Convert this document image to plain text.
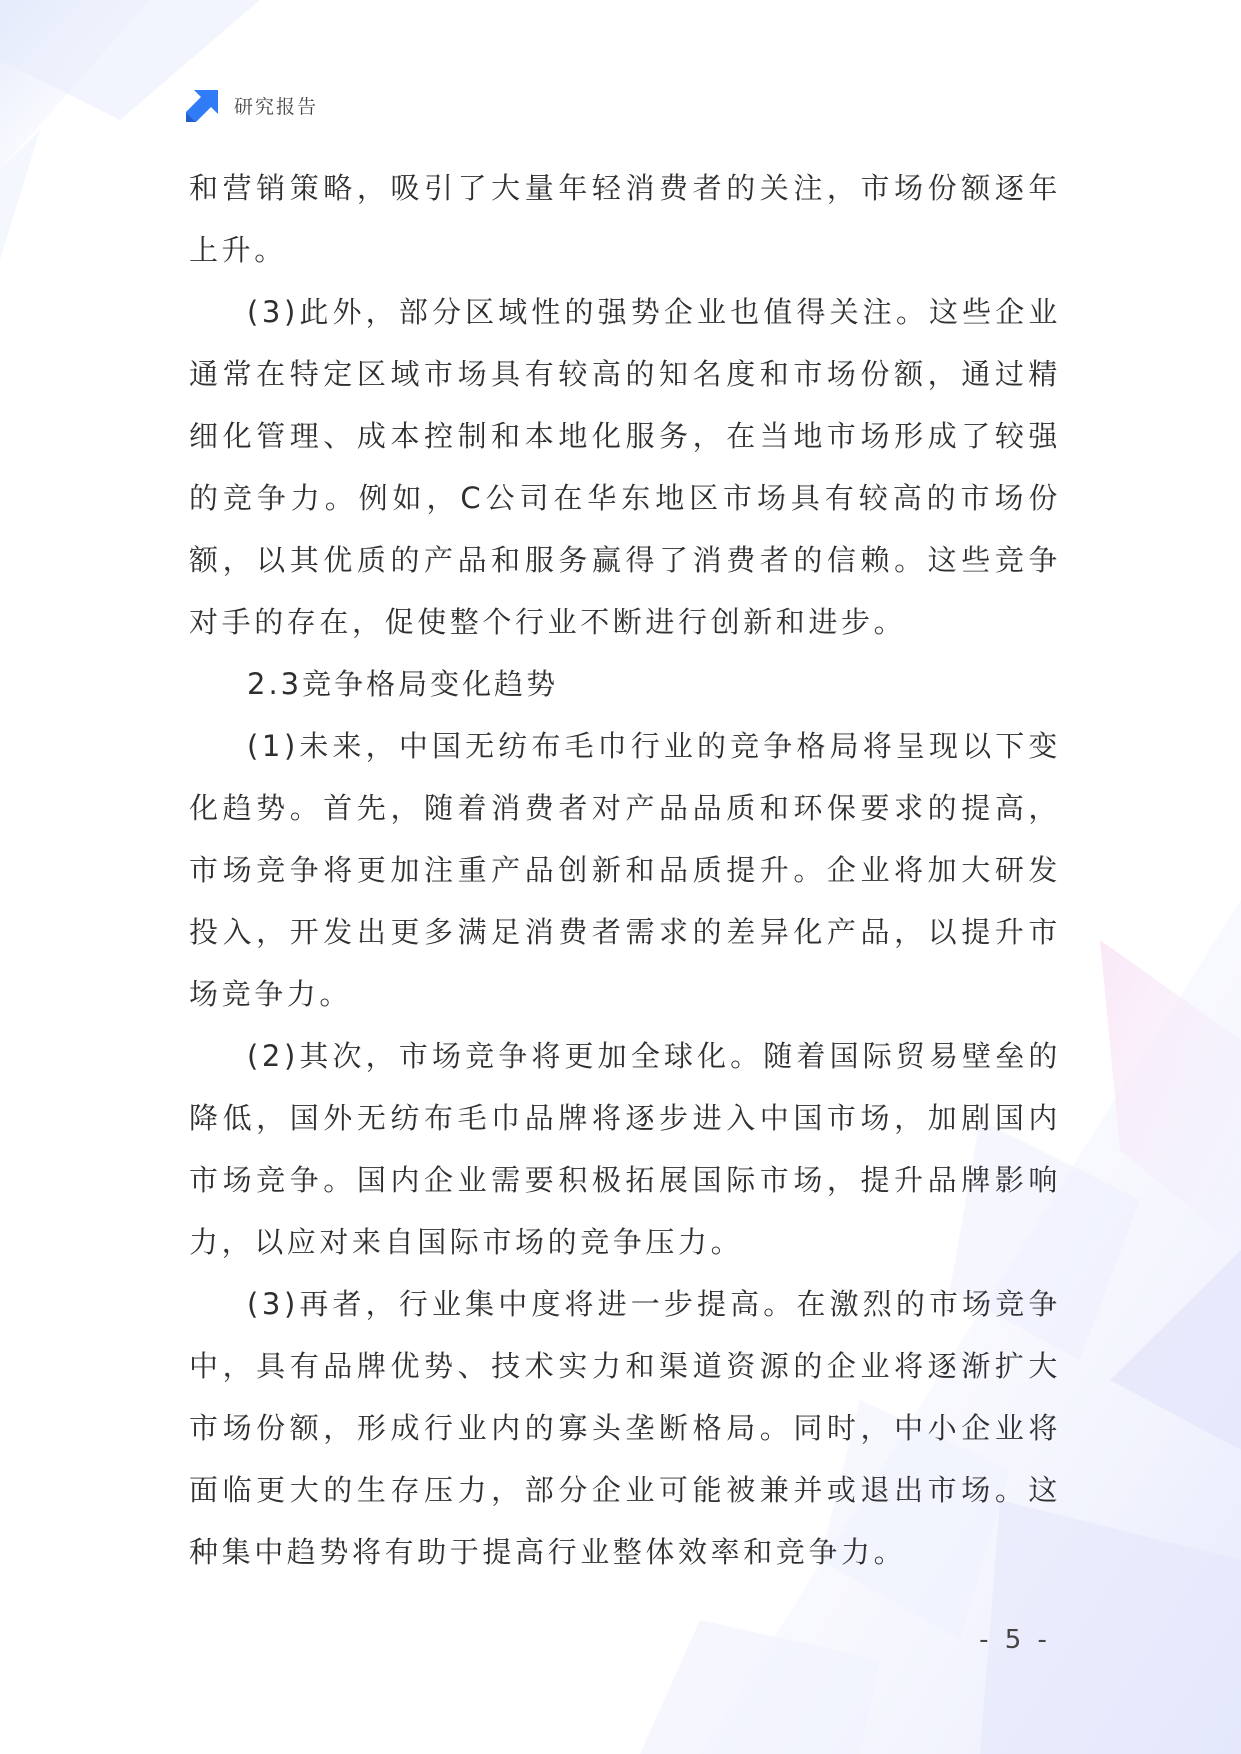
研究报告

和营销策略，吸引了大量年轻消费者的关注，市场份额逐年上升。

(3)此外，部分区域性的强势企业也值得关注。这些企业通常在特定区域市场具有较高的知名度和市场份额，通过精细化管理、成本控制和本地化服务，在当地市场形成了较强的竞争力。例如，C公司在华东地区市场具有较高的市场份额，以其优质的产品和服务赢得了消费者的信赖。这些竞争对手的存在，促使整个行业不断进行创新和进步。

2.3竞争格局变化趋势

(1)未来，中国无纺布毛巾行业的竞争格局将呈现以下变化趋势。首先，随着消费者对产品品质和环保要求的提高，市场竞争将更加注重产品创新和品质提升。企业将加大研发投入，开发出更多满足消费者需求的差异化产品，以提升市场竞争力。

(2)其次，市场竞争将更加全球化。随着国际贸易壁垒的降低，国外无纺布毛巾品牌将逐步进入中国市场，加剧国内市场竞争。国内企业需要积极拓展国际市场，提升品牌影响力，以应对来自国际市场的竞争压力。

(3)再者，行业集中度将进一步提高。在激烈的市场竞争中，具有品牌优势、技术实力和渠道资源的企业将逐渐扩大市场份额，形成行业内的寡头垄断格局。同时，中小企业将面临更大的生存压力，部分企业可能被兼并或退出市场。这种集中趋势将有助于提高行业整体效率和竞争力。

- 5 -
